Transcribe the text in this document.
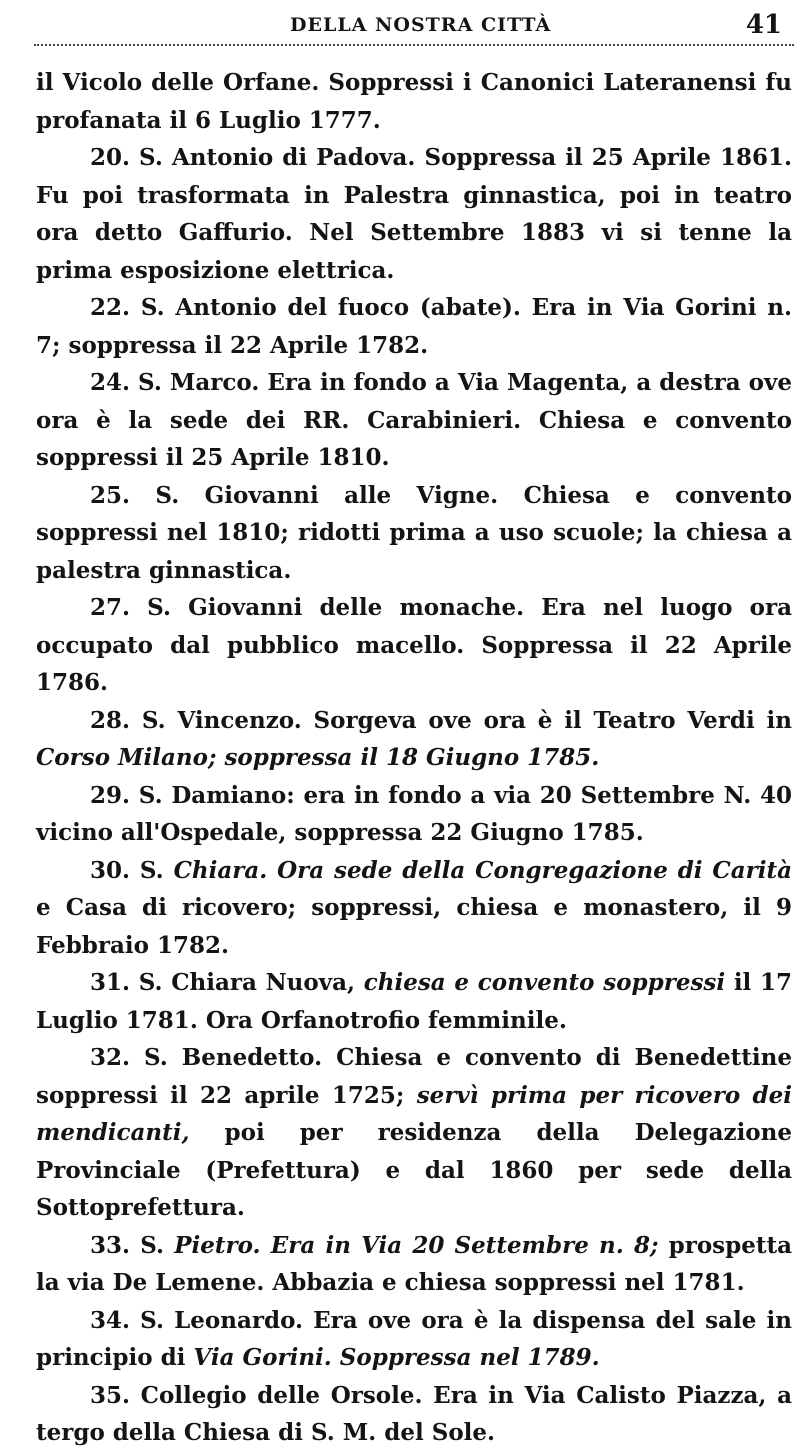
DELLA NOSTRA CITTÀ	41

il Vicolo delle Orfane. Soppressi i Canonici Lateranensi fu profanata il 6 Luglio 1777.

20. S. Antonio di Padova. Soppressa il 25 Aprile 1861. Fu poi trasformata in Palestra ginnastica, poi in teatro ora detto Gaffurio. Nel Settembre 1883 vi si tenne la prima esposizione elettrica.

22. S. Antonio del fuoco (abate). Era in Via Gorini n. 7; soppressa il 22 Aprile 1782.

24. S. Marco. Era in fondo a Via Magenta, a destra ove ora è la sede dei RR. Carabinieri. Chiesa e convento soppressi il 25 Aprile 1810.

25. S. Giovanni alle Vigne. Chiesa e convento soppressi nel 1810; ridotti prima a uso scuole; la chiesa a palestra ginnastica.

27. S. Giovanni delle monache. Era nel luogo ora occupato dal pubblico macello. Soppressa il 22 Aprile 1786.

28. S. Vincenzo. Sorgeva ove ora è il Teatro Verdi in Corso Milano; soppressa il 18 Giugno 1785.

29. S. Damiano: era in fondo a via 20 Settembre N. 40 vicino all'Ospedale, soppressa 22 Giugno 1785.

30. S. Chiara. Ora sede della Congregazione di Carità e Casa di ricovero; soppressi, chiesa e monastero, il 9 Febbraio 1782.

31. S. Chiara Nuova, chiesa e convento soppressi il 17 Luglio 1781. Ora Orfanotrofio femminile.

32. S. Benedetto. Chiesa e convento di Benedettine soppressi il 22 aprile 1725; servì prima per ricovero dei mendicanti, poi per residenza della Delegazione Provinciale (Prefettura) e dal 1860 per sede della Sottoprefettura.

33. S. Pietro. Era in Via 20 Settembre n. 8; prospetta la via De Lemene. Abbazia e chiesa soppressi nel 1781.

34. S. Leonardo. Era ove ora è la dispensa del sale in principio di Via Gorini. Soppressa nel 1789.

35. Collegio delle Orsole. Era in Via Calisto Piazza, a tergo della Chiesa di S. M. del Sole.
